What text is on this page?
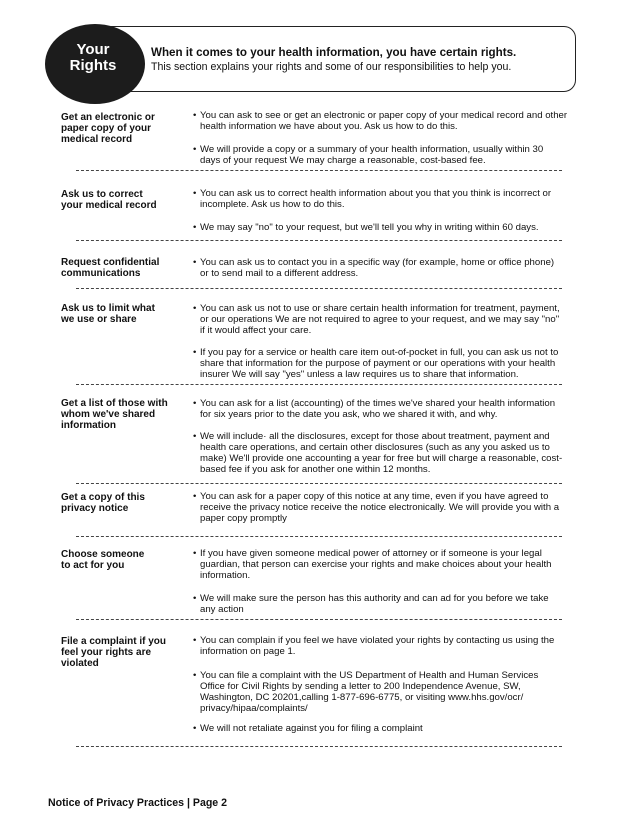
Your
Rights
When it comes to your health information, you have certain rights.
This section explains your rights and some of our responsibilities to help you.
Get an electronic or
paper copy of your
medical record
• You can ask to see or get an electronic or paper copy of your medical record and other
health information we have about you. Ask us how to do this.
• We will provide a copy or a summary of your health information, usually within 30
days of your request We may charge a reasonable, cost-based fee.
Ask us to correct
your medical record
• You can ask us to correct health information about you that you think is incorrect or
incomplete. Ask us how to do this.
• We may say "no" to your request, but we'll tell you why in writing within 60 days.
Request confidential
communications
• You can ask us to contact you in a specific way (for example, home or office phone)
or to send mail to a different address.
Ask us to limit what
we use or share
• You can ask us not to use or share certain health information for treatment, payment,
or our operations We are not required to agree to your request, and we may say "no"
if it would affect your care.
• If you pay for a service or health care item out-of-pocket in full, you can ask us not to
share that information for the purpose of payment or our operations with your health
insurer We will say "yes" unless a law requires us to share that information.
Get a list of those with
whom we've shared
information
• You can ask for a list (accounting) of the times we've shared your health information
for six years prior to the date you ask, who we shared it with, and why.
• We will include· all the disclosures, except for those about treatment, payment and
health care operations, and certain other disclosures (such as any you asked us to
make) We'll provide one accounting a year for free but will charge a reasonable, cost-
based fee if you ask for another one within 12 months.
Get a copy of this
privacy notice
• You can ask for a paper copy of this notice at any time, even if you have agreed to
receive the privacy notice receive the notice electronically. We will provide you with a
paper copy promptly
Choose someone
to act for you
• If you have given someone medical power of attorney or if someone is your legal
guardian, that person can exercise your rights and make choices about your health
information.
• We will make sure the person has this authority and can ad for you before we take
any action
File a complaint if you
feel your rights are
violated
• You can complain if you feel we have violated your rights by contacting us using the
information on page 1.
• You can file a complaint with the US Department of Health and Human Services
Office for Civil Rights by sending a letter to 200 Independence Avenue, SW,
Washington, DC 20201,calling 1-877-696-6775, or visiting www.hhs.gov/ocr/
privacy/hipaa/complaints/
• We will not retaliate against you for filing a complaint
Notice of Privacy Practices | Page 2
